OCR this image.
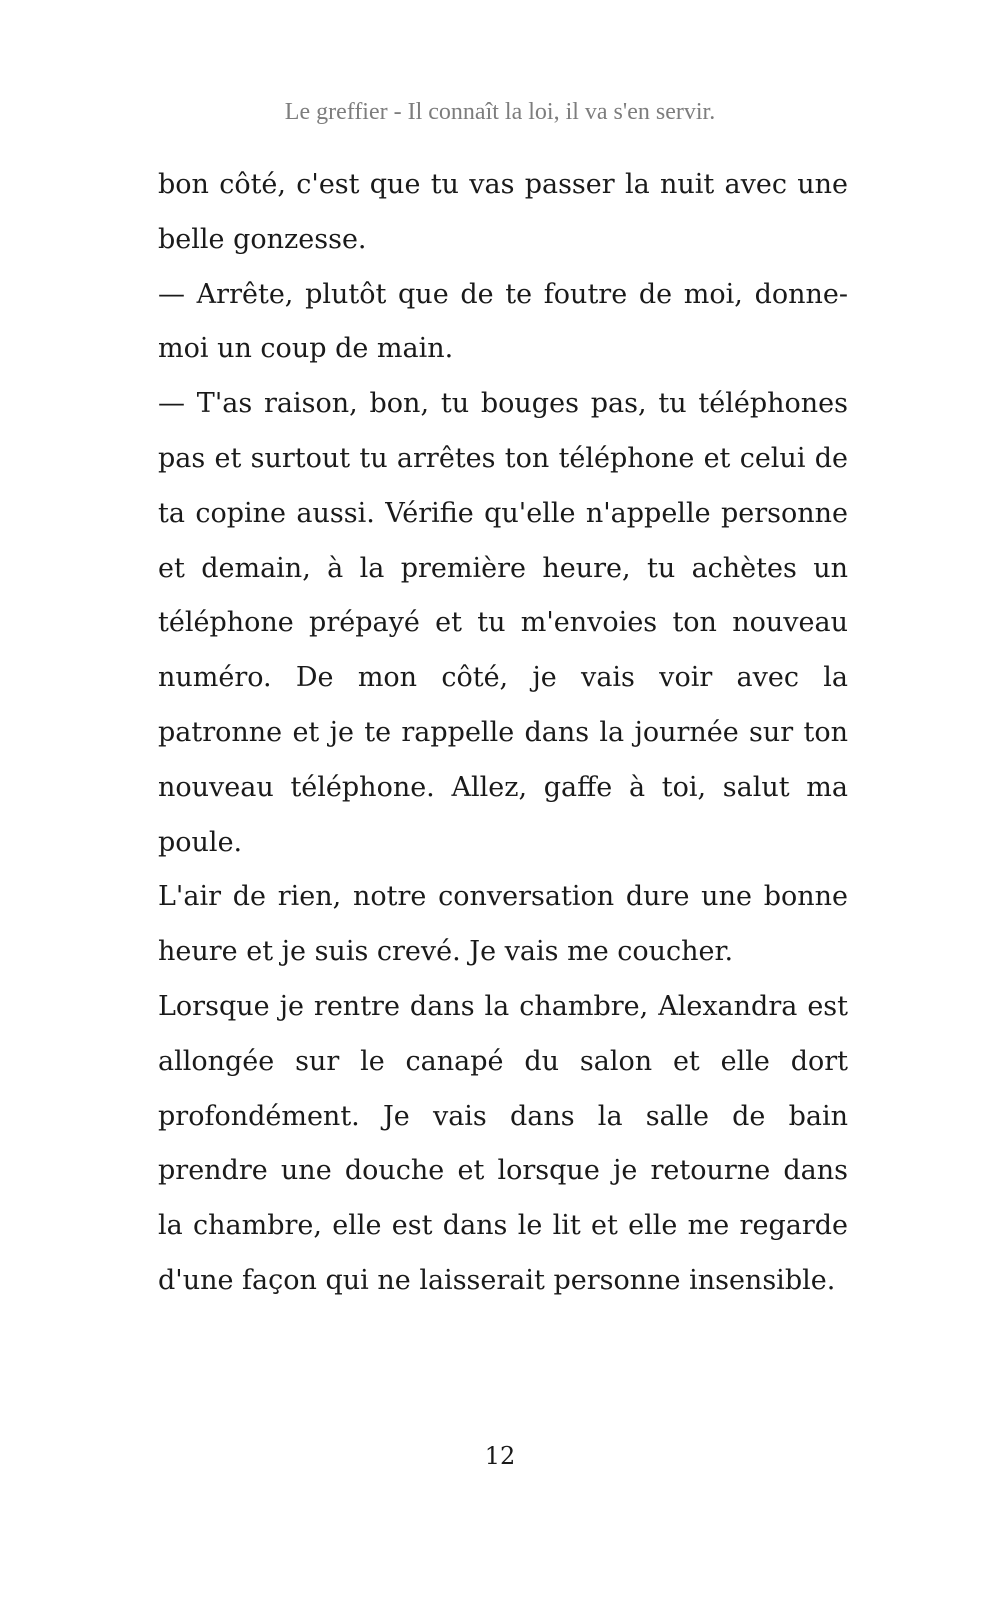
Le greffier - Il connaît la loi, il va s'en servir.

bon côté, c'est que tu vas passer la nuit avec une belle gonzesse.

— Arrête, plutôt que de te foutre de moi, donne-moi un coup de main.

— T'as raison, bon, tu bouges pas, tu téléphones pas et surtout tu arrêtes ton téléphone et celui de ta copine aussi. Vérifie qu'elle n'appelle personne et demain, à la première heure, tu achètes un téléphone prépayé et tu m'envoies ton nouveau numéro. De mon côté, je vais voir avec la patronne et je te rappelle dans la journée sur ton nouveau téléphone. Allez, gaffe à toi, salut ma poule.

L'air de rien, notre conversation dure une bonne heure et je suis crevé. Je vais me coucher.

Lorsque je rentre dans la chambre, Alexandra est allongée sur le canapé du salon et elle dort profondément. Je vais dans la salle de bain prendre une douche et lorsque je retourne dans la chambre, elle est dans le lit et elle me regarde d'une façon qui ne laisserait personne insensible.

12
